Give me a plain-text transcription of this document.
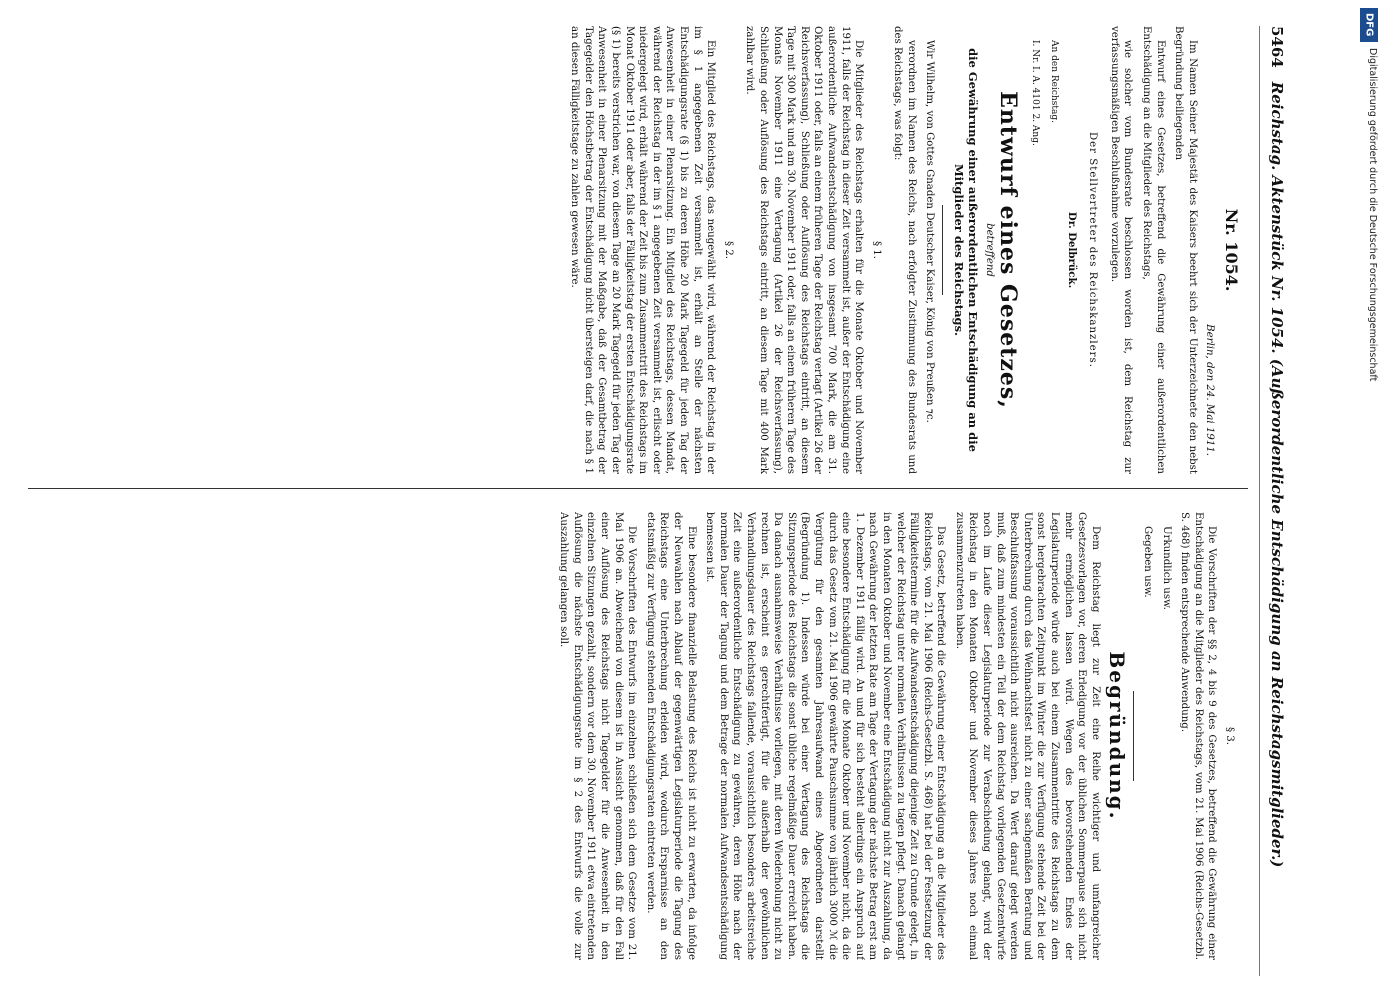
5464
Reichstag. Aktenstück Nr. 1054. (Außerordentliche Entschädigung an Reichstagsmitglieder.)
Nr. 1054.
Berlin, den 24. Mai 1911.

Im Namen Seiner Majestät des Kaisers beehrt sich der Unterzeichnete den nebst Begründung beiliegenden

Entwurf eines Gesetzes, betreffend die Gewährung einer außerordentlichen Entschädigung an die Mitglieder des Reichstags,

wie solcher vom Bundesrate beschlossen worden ist, dem Reichstag zur verfassungsmäßigen Beschlußnahme vorzulegen.

Der Stellvertreter des Reichskanzlers.
Dr. Delbrück.

An den Reichstag.

I. Nr. I. A. 4101 2. Ang.

Entwurf eines Gesetzes,
betreffend
die Gewährung einer außerordentlichen Entschädigung an die Mitglieder des Reichstags.

Wir Wilhelm, von Gottes Gnaden Deutscher Kaiser, König von Preußen ⁊c.

verordnen im Namen des Reichs, nach erfolgter Zustimmung des Bundesrats und des Reichstags, was folgt:

§ 1.

Die Mitglieder des Reichstags erhalten für die Monate Oktober und November 1911, falls der Reichstag in dieser Zeit versammelt ist, außer der Entschädigung eine außerordentliche Aufwandsentschädigung von insgesamt 700 Mark, die am 31. Oktober 1911 oder, falls an einem früheren Tage der Reichstag vertagt (Artikel 26 der Reichsverfassung), Schließung oder Auflösung des Reichstags eintritt, an diesem Tage mit 300 Mark und am 30. November 1911 oder, falls an einem früheren Tage des Monats November 1911 eine Vertagung (Artikel 26 der Reichsverfassung), Schließung oder Auflösung des Reichstags eintritt, an diesem Tage mit 400 Mark zahlbar wird.

§ 2.

Ein Mitglied des Reichstags, das neugewählt wird, während der Reichstag in der im § 1 angegebenen Zeit versammelt ist, erhält an Stelle der nächsten Entschädigungsrate (§ 1) bis zu deren Höhe 20 Mark Tagegeld für jeden Tag der Anwesenheit in einer Plenarsitzung. Ein Mitglied des Reichstags, dessen Mandat, während der Reichstag in der im § 1 angegebenen Zeit versammelt ist, erlischt oder niedergelegt wird, erhält während der Zeit bis zum Zusammentritt des Reichstags im Monat Oktober 1911 oder aber, falls der Fälligkeitstag der ersten Entschädigungsrate (§ 1) bereits verstrichen war, von diesem Tage an 20 Mark Tagegeld für jeden Tag der Anwesenheit in einer Plenarsitzung mit der Maßgabe, daß der Gesamtbetrag der Tagegelder den Höchstbetrag der Entschädigung nicht übersteigen darf, die nach § 1 an diesen Fälligkeitstage zu zahlen gewesen wäre.

§ 3.

Die Vorschriften der §§ 2, 4 bis 9 des Gesetzes, betreffend die Gewährung einer Entschädigung an die Mitglieder des Reichstags, vom 21. Mai 1906 (Reichs-Gesetzbl. S. 468) finden entsprechende Anwendung.

Urkundlich usw.

Gegeben usw.

Begründung.

Dem Reichstag liegt zur Zeit eine Reihe wichtiger und umfangreicher Gesetzesvorlagen vor, deren Erledigung vor der üblichen Sommerpause sich nicht mehr ermöglichen lassen wird. Wegen des bevorstehenden Endes der Legislaturperiode würde auch bei einem Zusammentritte des Reichstags zu dem sonst hergebrachten Zeitpunkt im Winter die zur Verfügung stehende Zeit bei der Unterbrechung durch das Weihnachtsfest nicht zu einer sachgemäßen Beratung und Beschlußfassung voraussichtlich nicht ausreichen. Da Wert darauf gelegt werden muß, daß zum mindesten ein Teil der dem Reichstag vorliegenden Gesetzentwürfe noch im Laufe dieser Legislaturperiode zur Verabschiedung gelangt, wird der Reichstag in den Monaten Oktober und November dieses Jahres noch einmal zusammenzutreten haben.

Das Gesetz, betreffend die Gewährung einer Entschädigung an die Mitglieder des Reichstags, vom 21. Mai 1906 (Reichs-Gesetzbl. S. 468) hat bei der Festsetzung der Fälligkeitstermine für die Aufwandsentschädigung diejenige Zeit zu Grunde gelegt, in welcher der Reichstag unter normalen Verhältnissen zu tagen pflegt. Danach gelangt in den Monaten Oktober und November eine Entschädigung nicht zur Auszahlung, da nach Gewährung der letzten Rate am Tage der Vertagung der nächste Betrag erst am 1. Dezember 1911 fällig wird. An und für sich besteht allerdings ein Anspruch auf eine besondere Entschädigung für die Monate Oktober und November nicht, da die durch das Gesetz vom 21. Mai 1906 gewährte Pauschsumme von jährlich 3000 ℳ die Vergütung für den gesamten Jahresaufwand eines Abgeordneten darstellt (Begründung 1). Indessen würde bei einer Vertagung des Reichstags die Sitzungsperiode des Reichstags die sonst übliche regelmäßige Dauer erreicht haben. Da danach ausnahmsweise Verhältnisse vorliegen, mit deren Wiederholung nicht zu rechnen ist, erscheint es gerechtfertigt, für die außerhalb der gewöhnlichen Verhandlungsdauer des Reichstags fallende, voraussichtlich besonders arbeitsreiche Zeit eine außerordentliche Entschädigung zu gewähren, deren Höhe nach der normalen Dauer der Tagung und dem Betrage der normalen Aufwandsentschädigung bemessen ist.

Eine besondere finanzielle Belastung des Reichs ist nicht zu erwarten, da infolge der Neuwahlen nach Ablauf der gegenwärtigen Legislaturperiode die Tagung des Reichstags eine Unterbrechung erleiden wird, wodurch Ersparnisse an den etatsmäßig zur Verfügung stehenden Entschädigungsraten eintreten werden.

Die Vorschriften des Entwurfs im einzelnen schließen sich dem Gesetze vom 21. Mai 1906 an. Abweichend von diesem ist in Aussicht genommen, daß für den Fall einer Auflösung des Reichstags nicht Tagegelder für die Anwesenheit in den einzelnen Sitzungen gezahlt, sondern vor dem 30. November 1911 etwa eintretenden Auflösung die nächste Entschädigungsrate im § 2 des Entwurfs die volle zur Auszahlung gelangen soll.

DFG
Digitalisierung gefördert durch die Deutsche Forschungsgemeinschaft
